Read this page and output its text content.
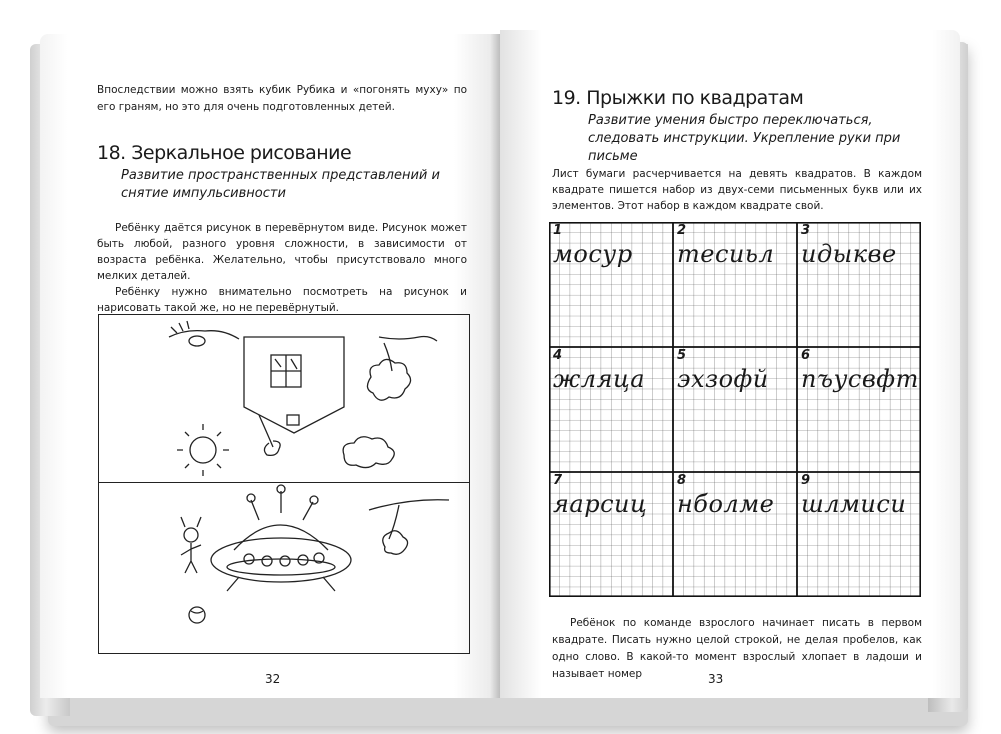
Впоследствии можно взять кубик Рубика и «погонять муху» по его граням, но это для очень подготовленных детей.
18. Зеркальное рисование
Развитие пространственных представлений и снятие импульсивности

Ребёнку даётся рисунок в перевёрнутом виде. Рисунок может быть любой, разного уровня сложности, в зависимости от возраста ребёнка. Желательно, чтобы присутствовало много мелких деталей.

Ребёнку нужно внимательно посмотреть на рисунок и нарисовать такой же, но не перевёрнутый.

32
19. Прыжки по квадратам
Развитие умения быстро переключаться, следовать инструкции. Укрепление руки при письме
Лист бумаги расчерчивается на девять квадратов. В каждом квадрате пишется набор из двух-семи письменных букв или их элементов. Этот набор в каждом квадрате свой.
1
мосур
2
тесиьл
3
идыкве
4
жляца
5
эхзофй
6
пъусвфт
7
яарсиц
8
нболме
9
шлмиси

Ребёнок по команде взрослого начинает писать в первом квадрате. Писать нужно целой строкой, не делая пробелов, как одно слово. В какой-то момент взрослый хлопает в ладоши и называет номер	33
